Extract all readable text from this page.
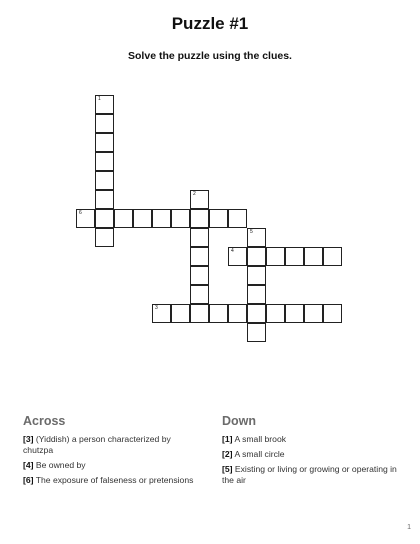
Puzzle #1
Solve the puzzle using the clues.
1
2
3
4
5
6
Across
[3] (Yiddish) a person characterized by chutzpa
[4] Be owned by
[6] The exposure of falseness or pretensions
Down
[1] A small brook
[2] A small circle
[5] Existing or living or growing or operating in the air
1
